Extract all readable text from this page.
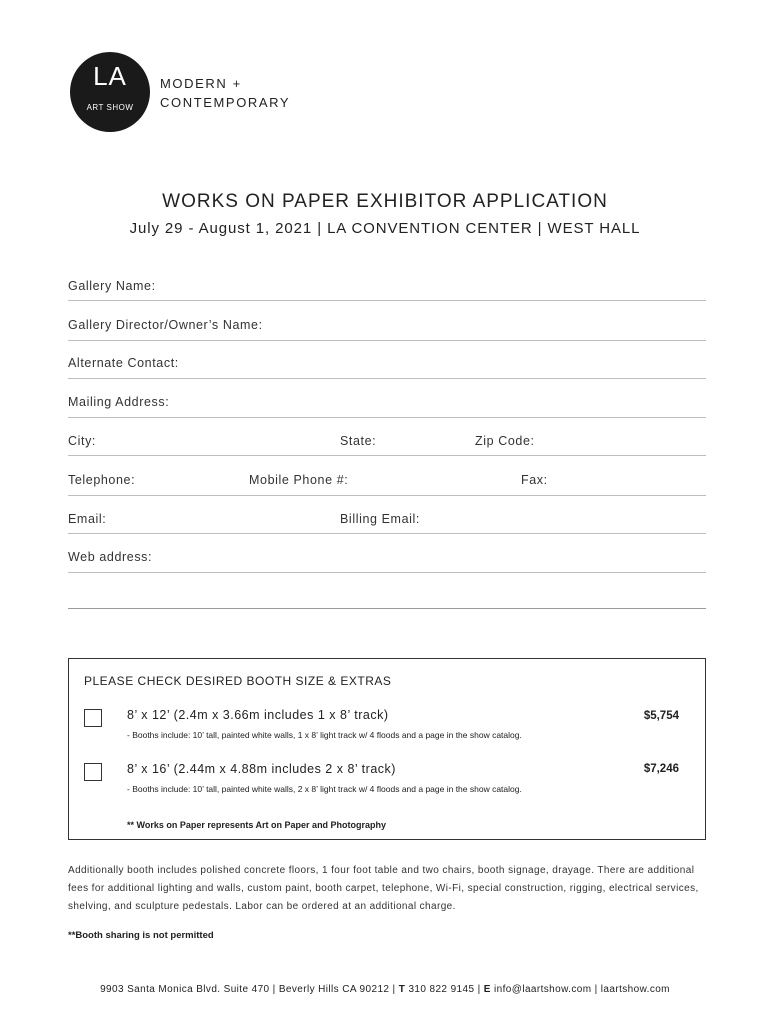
LA
ART SHOW
MODERN +
CONTEMPORARY
WORKS ON PAPER EXHIBITOR APPLICATION
July 29 - August 1, 2021 | LA CONVENTION CENTER | WEST HALL
Gallery Name:
Gallery Director/Owner’s Name:
Alternate Contact:
Mailing Address:
City:	State:	Zip Code:
Telephone:	Mobile Phone #:	Fax:
Email:	Billing Email:
Web address:
PLEASE CHECK DESIRED BOOTH SIZE & EXTRAS
8’ x 12’ (2.4m x 3.66m includes 1 x 8’ track)	$5,754
- Booths include: 10’ tall, painted white walls, 1 x 8’ light track w/ 4 floods and a page in the show catalog.
8’ x 16’ (2.44m x 4.88m includes 2 x 8’ track)	$7,246
- Booths include: 10’ tall, painted white walls, 2 x 8’ light track w/ 4 floods and a page in the show catalog.
** Works on Paper represents Art on Paper and Photography
Additionally booth includes polished concrete floors, 1 four foot table and two chairs, booth signage, drayage. There are additional fees for additional lighting and walls, custom paint, booth carpet, telephone, Wi-Fi, special construction, rigging, electrical services, shelving, and sculpture pedestals. Labor can be ordered at an additional charge.
**Booth sharing is not permitted
9903 Santa Monica Blvd. Suite 470 | Beverly Hills CA 90212 | T 310 822 9145 | E info@laartshow.com | laartshow.com
